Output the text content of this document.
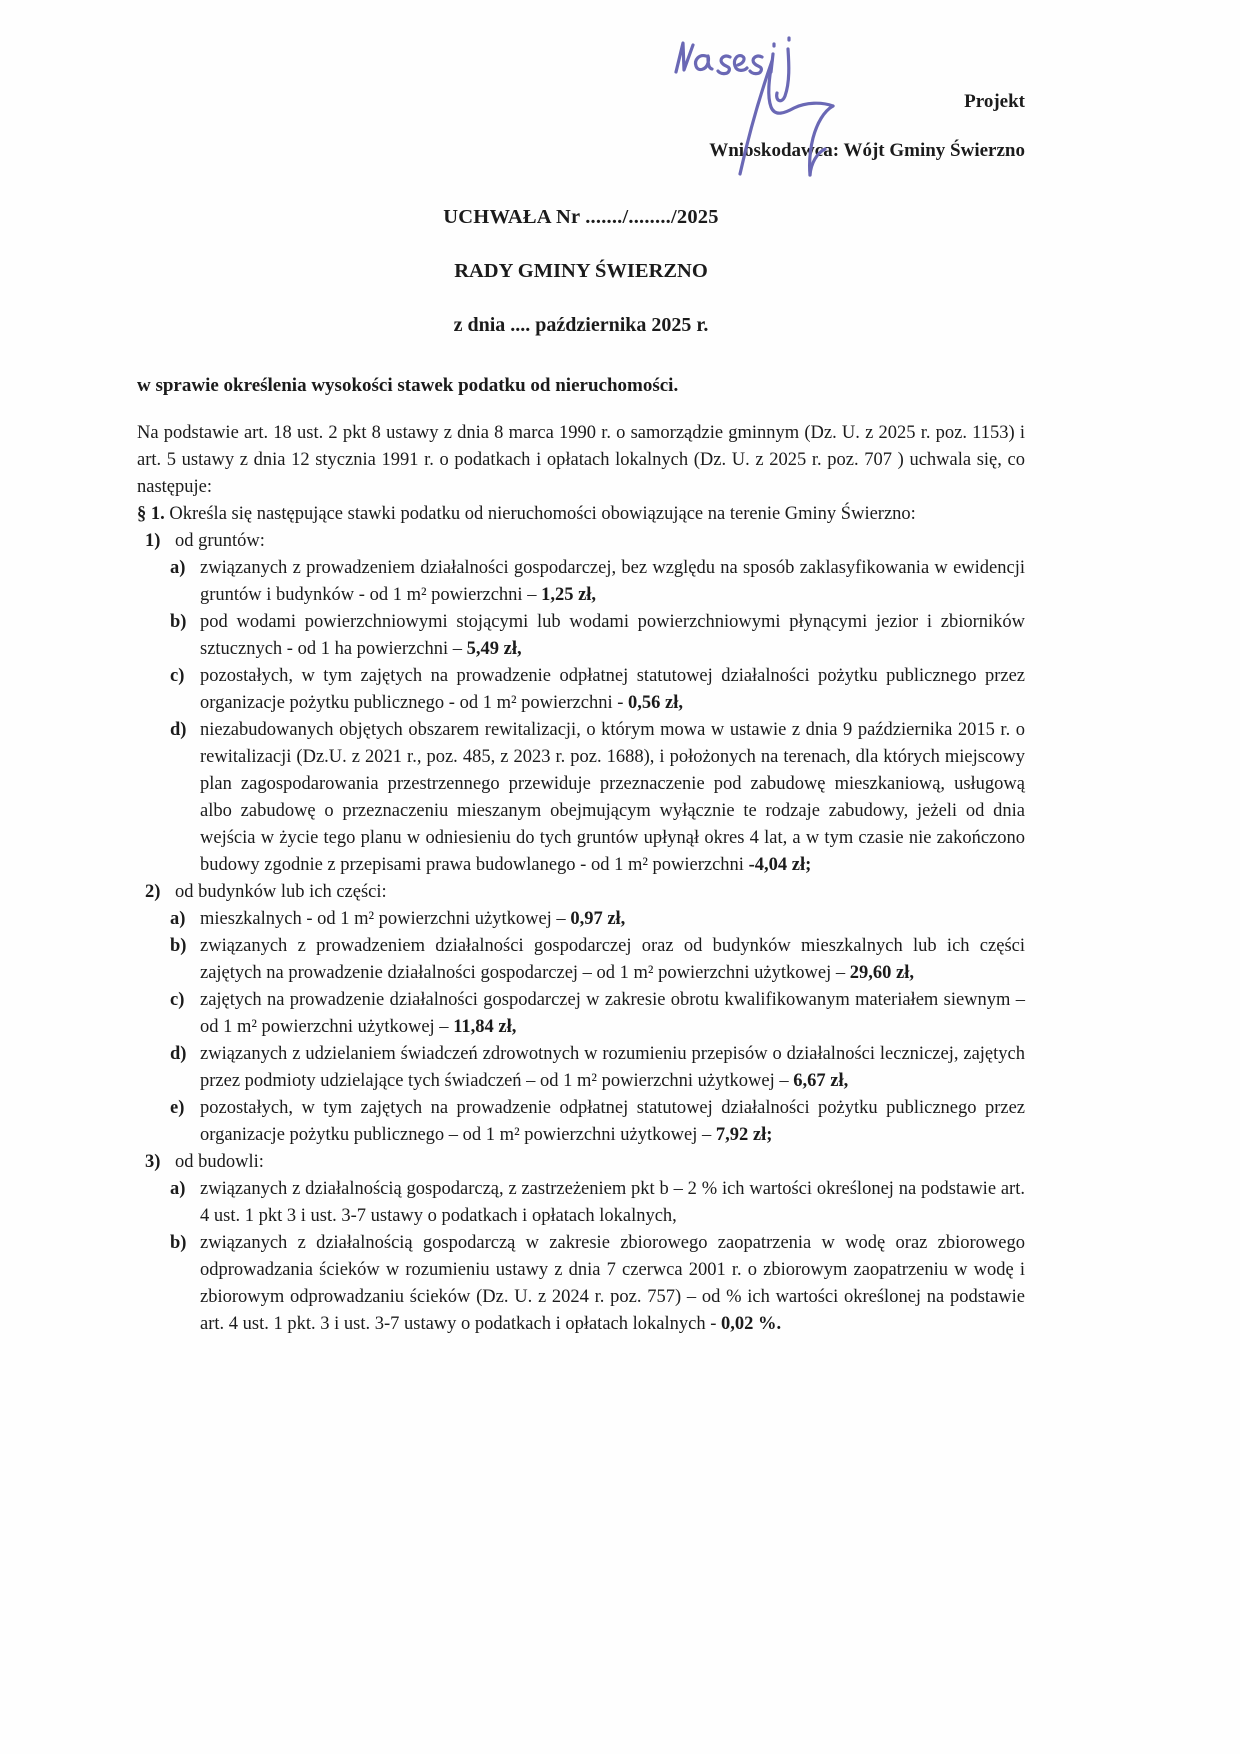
Projekt
Wnioskodawca: Wójt Gminy Świerzno
UCHWAŁA Nr ......./......../2025
RADY GMINY ŚWIERZNO
z dnia .... października 2025 r.
w sprawie określenia wysokości stawek podatku od nieruchomości.
Na podstawie art. 18 ust. 2 pkt 8 ustawy z dnia 8 marca 1990 r. o samorządzie gminnym (Dz. U. z 2025 r. poz. 1153) i art. 5 ustawy z dnia 12 stycznia 1991 r. o podatkach i opłatach lokalnych (Dz. U. z 2025 r. poz. 707 ) uchwala się, co następuje:
§ 1. Określa się następujące stawki podatku od nieruchomości obowiązujące na terenie Gminy Świerzno:
1) od gruntów:
a) związanych z prowadzeniem działalności gospodarczej, bez względu na sposób zaklasyfikowania w ewidencji gruntów i budynków - od 1 m² powierzchni – 1,25 zł,
b) pod wodami powierzchniowymi stojącymi lub wodami powierzchniowymi płynącymi jezior i zbiorników sztucznych - od 1 ha powierzchni – 5,49 zł,
c) pozostałych, w tym zajętych na prowadzenie odpłatnej statutowej działalności pożytku publicznego przez organizacje pożytku publicznego - od 1 m² powierzchni - 0,56 zł,
d) niezabudowanych objętych obszarem rewitalizacji, o którym mowa w ustawie z dnia 9 października 2015 r. o rewitalizacji (Dz.U. z 2021 r., poz. 485, z 2023 r. poz. 1688), i położonych na terenach, dla których miejscowy plan zagospodarowania przestrzennego przewiduje przeznaczenie pod zabudowę mieszkaniową, usługową albo zabudowę o przeznaczeniu mieszanym obejmującym wyłącznie te rodzaje zabudowy, jeżeli od dnia wejścia w życie tego planu w odniesieniu do tych gruntów upłynął okres 4 lat, a w tym czasie nie zakończono budowy zgodnie z przepisami prawa budowlanego - od 1 m² powierzchni -4,04 zł;
2) od budynków lub ich części:
a) mieszkalnych - od 1 m² powierzchni użytkowej – 0,97 zł,
b) związanych z prowadzeniem działalności gospodarczej oraz od budynków mieszkalnych lub ich części zajętych na prowadzenie działalności gospodarczej – od 1 m² powierzchni użytkowej – 29,60 zł,
c) zajętych na prowadzenie działalności gospodarczej w zakresie obrotu kwalifikowanym materiałem siewnym – od 1 m² powierzchni użytkowej – 11,84 zł,
d) związanych z udzielaniem świadczeń zdrowotnych w rozumieniu przepisów o działalności leczniczej, zajętych przez podmioty udzielające tych świadczeń – od 1 m² powierzchni użytkowej – 6,67 zł,
e) pozostałych, w tym zajętych na prowadzenie odpłatnej statutowej działalności pożytku publicznego przez organizacje pożytku publicznego – od 1 m² powierzchni użytkowej – 7,92 zł;
3) od budowli:
a) związanych z działalnością gospodarczą, z zastrzeżeniem pkt b – 2 % ich wartości określonej na podstawie art. 4 ust. 1 pkt 3 i ust. 3-7 ustawy o podatkach i opłatach lokalnych,
b) związanych z działalnością gospodarczą w zakresie zbiorowego zaopatrzenia w wodę oraz zbiorowego odprowadzania ścieków w rozumieniu ustawy z dnia 7 czerwca 2001 r. o zbiorowym zaopatrzeniu w wodę i zbiorowym odprowadzaniu ścieków (Dz. U. z 2024 r. poz. 757) – od % ich wartości określonej na podstawie art. 4 ust. 1 pkt. 3 i ust. 3-7 ustawy o podatkach i opłatach lokalnych - 0,02 %.
